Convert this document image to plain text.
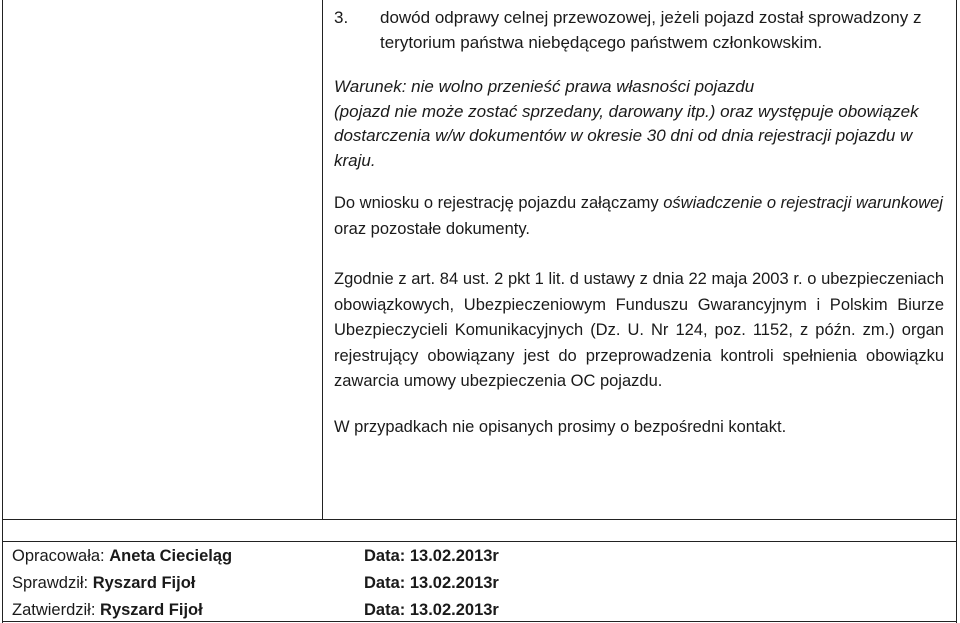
3.	dowód odprawy celnej przewozowej, jeżeli pojazd został sprowadzony z terytorium państwa niebędącego państwem członkowskim.
Warunek: nie wolno przenieść prawa własności pojazdu
(pojazd nie może zostać sprzedany, darowany itp.) oraz występuje obowiązek dostarczenia w/w dokumentów w okresie 30 dni od dnia rejestracji pojazdu w kraju.
Do wniosku o rejestrację pojazdu załączamy oświadczenie o rejestracji warunkowej oraz pozostałe dokumenty.
Zgodnie z art. 84 ust. 2 pkt 1 lit. d ustawy z dnia 22 maja 2003 r. o ubezpieczeniach obowiązkowych, Ubezpieczeniowym Funduszu Gwarancyjnym i Polskim Biurze Ubezpieczycieli Komunikacyjnych (Dz. U. Nr 124, poz. 1152, z późn. zm.) organ rejestrujący obowiązany jest do przeprowadzenia kontroli spełnienia obowiązku zawarcia umowy ubezpieczenia OC pojazdu.
W przypadkach nie opisanych prosimy o bezpośredni kontakt.
Opracowała: Aneta Ciecieląg	Data: 13.02.2013r
Sprawdził: Ryszard Fijoł	Data: 13.02.2013r
Zatwierdził: Ryszard Fijoł	Data: 13.02.2013r
